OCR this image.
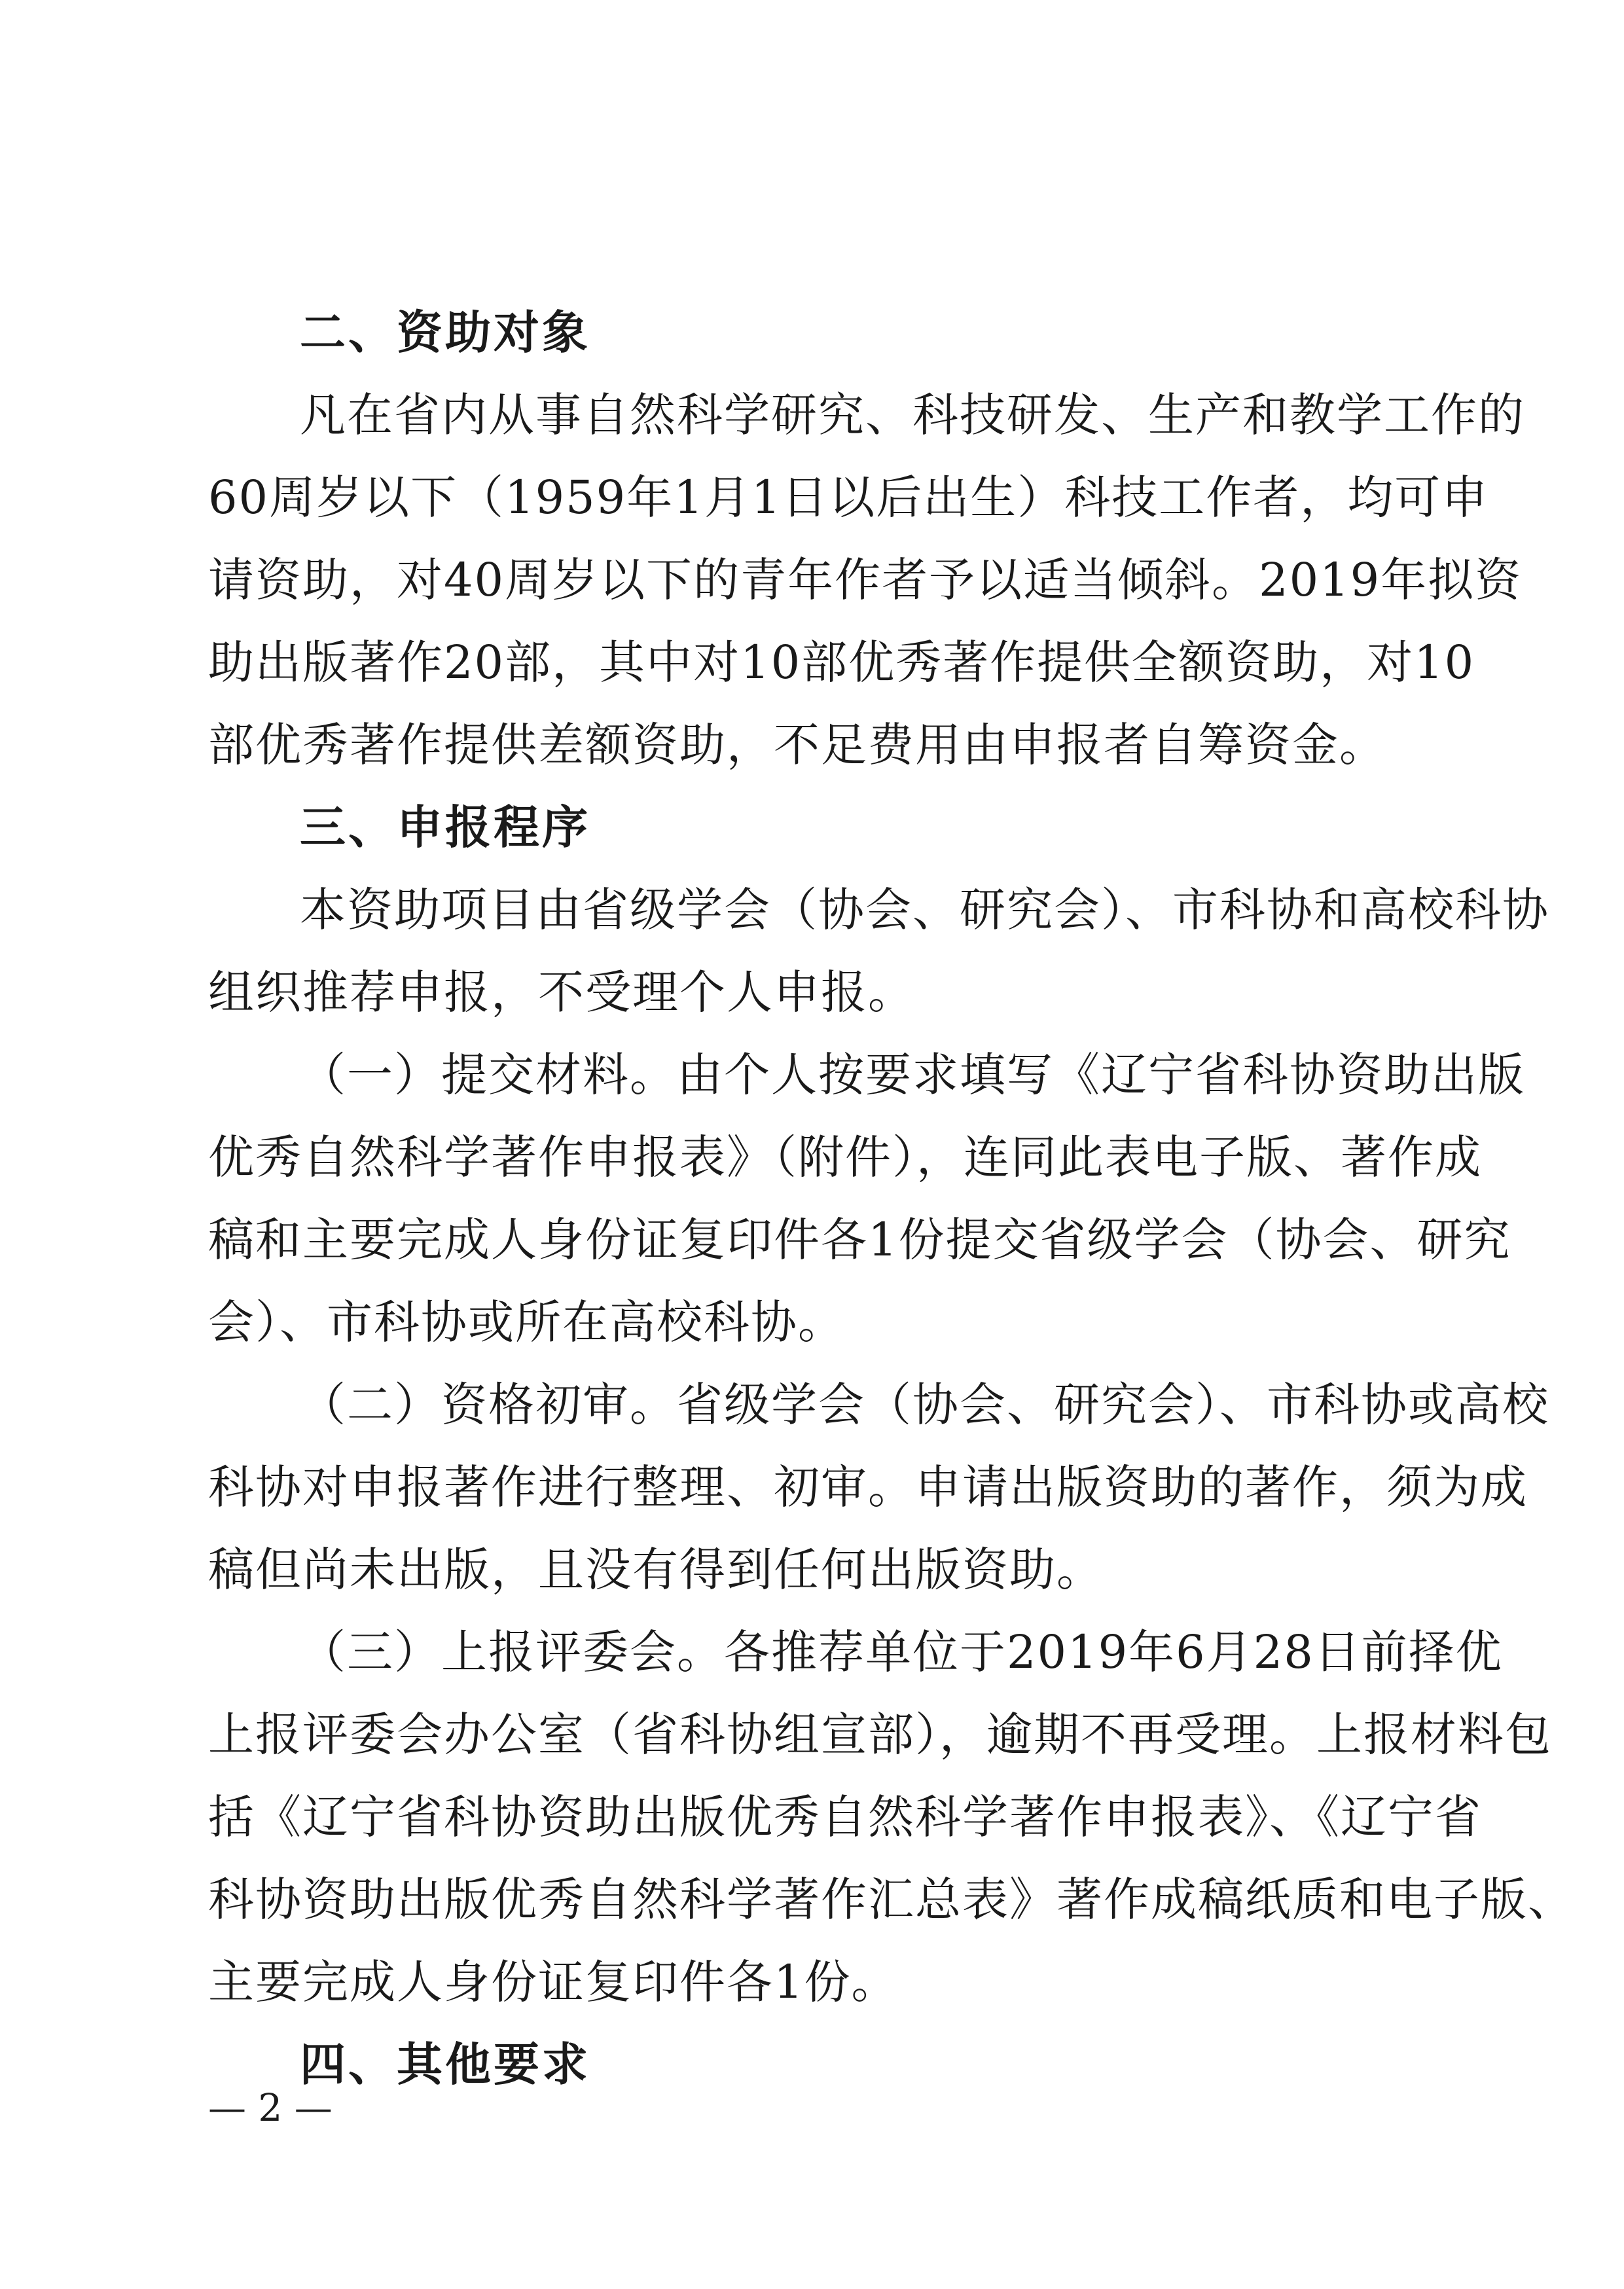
二、资助对象
凡在省内从事自然科学研究、科技研发、生产和教学工作的
60周岁以下（1959年1月1日以后出生）科技工作者，均可申
请资助，对40周岁以下的青年作者予以适当倾斜。2019年拟资
助出版著作20部，其中对10部优秀著作提供全额资助，对10
部优秀著作提供差额资助，不足费用由申报者自筹资金。
三、申报程序
本资助项目由省级学会（协会、研究会）、市科协和高校科协
组织推荐申报，不受理个人申报。
（一）提交材料。由个人按要求填写《辽宁省科协资助出版
优秀自然科学著作申报表》（附件），连同此表电子版、著作成
稿和主要完成人身份证复印件各1份提交省级学会（协会、研究
会）、市科协或所在高校科协。
（二）资格初审。省级学会（协会、研究会）、市科协或高校
科协对申报著作进行整理、初审。申请出版资助的著作，须为成
稿但尚未出版，且没有得到任何出版资助。
（三）上报评委会。各推荐单位于2019年6月28日前择优
上报评委会办公室（省科协组宣部），逾期不再受理。上报材料包
括《辽宁省科协资助出版优秀自然科学著作申报表》、《辽宁省
科协资助出版优秀自然科学著作汇总表》著作成稿纸质和电子版、
主要完成人身份证复印件各1份。
四、其他要求
— 2 —
